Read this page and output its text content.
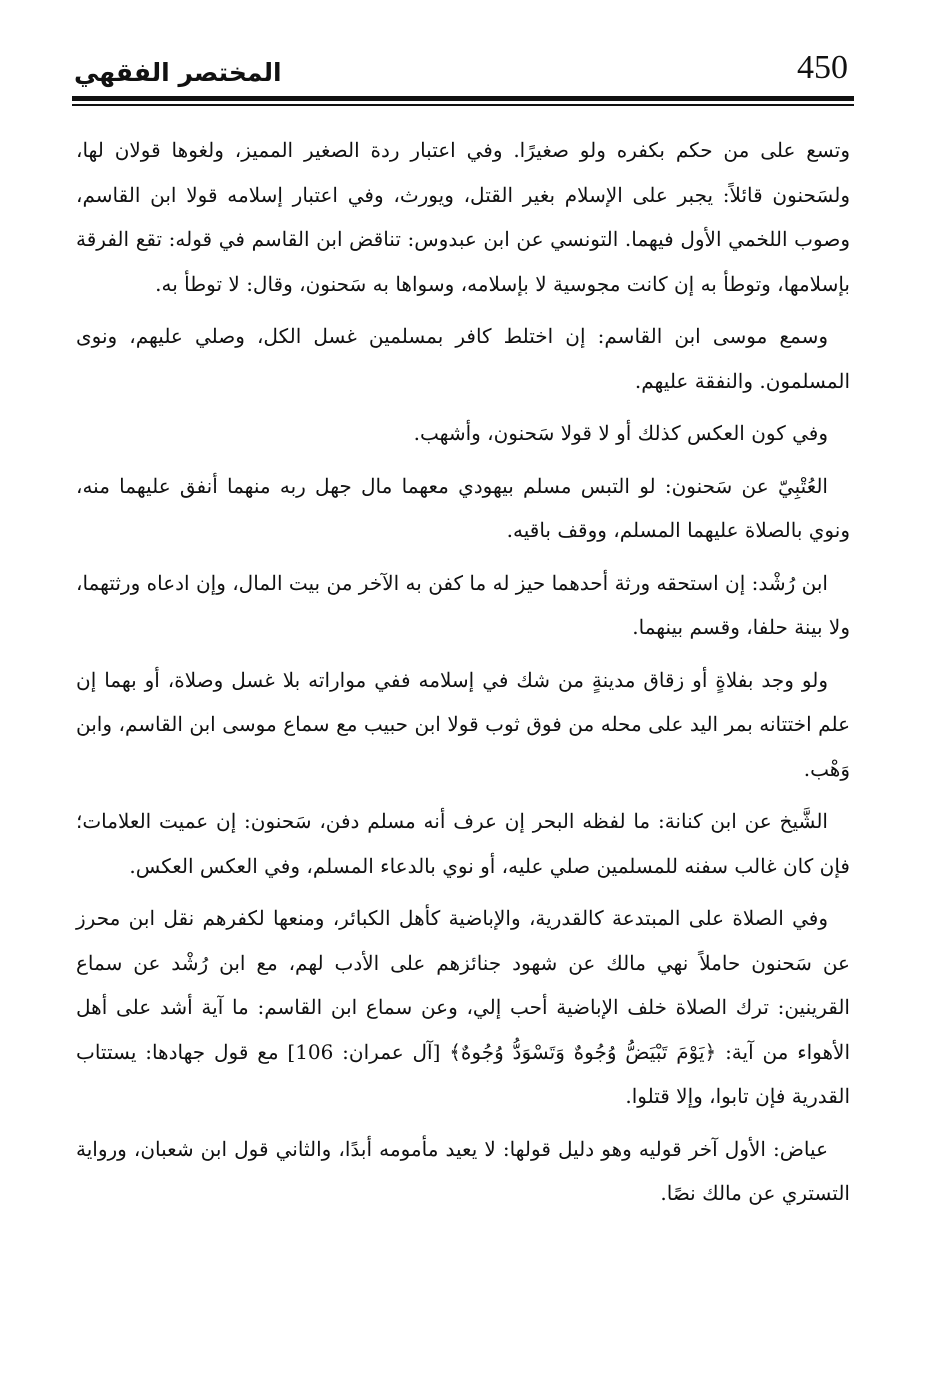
المختصر الفقهي	450

وتسع على من حكم بكفره ولو صغيرًا. وفي اعتبار ردة الصغير المميز، ولغوها قولان لها، ولسَحنون قائلاً: يجبر على الإسلام بغير القتل، ويورث، وفي اعتبار إسلامه قولا ابن القاسم، وصوب اللخمي الأول فيهما. التونسي عن ابن عبدوس: تناقض ابن القاسم في قوله: تقع الفرقة بإسلامها، وتوطأ به إن كانت مجوسية لا بإسلامه، وسواها به سَحنون، وقال: لا توطأ به.

وسمع موسى ابن القاسم: إن اختلط كافر بمسلمين غسل الكل، وصلي عليهم، ونوى المسلمون. والنفقة عليهم.

وفي كون العكس كذلك أو لا قولا سَحنون، وأشهب.

العُتْبِيّ عن سَحنون: لو التبس مسلم بيهودي معهما مال جهل ربه منهما أنفق عليهما منه، ونوي بالصلاة عليهما المسلم، ووقف باقيه.

ابن رُشْد: إن استحقه ورثة أحدهما حيز له ما كفن به الآخر من بيت المال، وإن ادعاه ورثتهما، ولا بينة حلفا، وقسم بينهما.

ولو وجد بفلاةٍ أو زقاق مدينةٍ من شك في إسلامه ففي مواراته بلا غسل وصلاة، أو بهما إن علم اختتانه بمر اليد على محله من فوق ثوب قولا ابن حبيب مع سماع موسى ابن القاسم، وابن وَهْب.

الشَّيخ عن ابن كنانة: ما لفظه البحر إن عرف أنه مسلم دفن، سَحنون: إن عميت العلامات؛ فإن كان غالب سفنه للمسلمين صلي عليه، أو نوي بالدعاء المسلم، وفي العكس العكس.

وفي الصلاة على المبتدعة كالقدرية، والإباضية كأهل الكبائر، ومنعها لكفرهم نقل ابن محرز عن سَحنون حاملاً نهي مالك عن شهود جنائزهم على الأدب لهم، مع ابن رُشْد عن سماع القرينين: ترك الصلاة خلف الإباضية أحب إلي، وعن سماع ابن القاسم: ما آية أشد على أهل الأهواء من آية: ﴿يَوْمَ تَبْيَضُّ وُجُوهٌ وَتَسْوَدُّ وُجُوهٌ﴾ [آل عمران: 106] مع قول جهادها: يستتاب القدرية فإن تابوا، وإلا قتلوا.

عياض: الأول آخر قوليه وهو دليل قولها: لا يعيد مأمومه أبدًا، والثاني قول ابن شعبان، ورواية التستري عن مالك نصًا.
